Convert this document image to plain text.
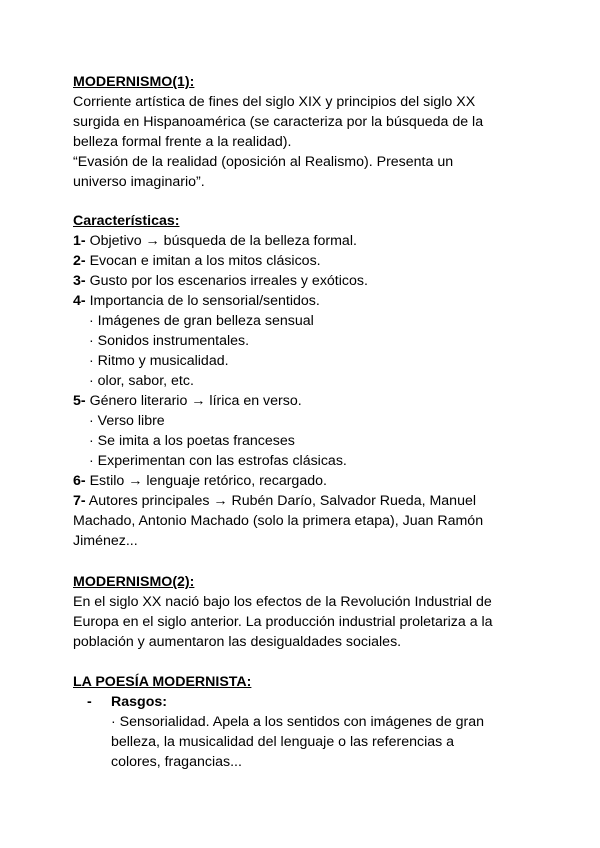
MODERNISMO(1):
Corriente artística de fines del siglo XIX y principios del siglo XX
surgida en Hispanoamérica (se caracteriza por la búsqueda de la
belleza formal frente a la realidad).
“Evasión de la realidad (oposición al Realismo). Presenta un
universo imaginario”.
Características:
1- Objetivo → búsqueda de la belleza formal.
2- Evocan e imitan a los mitos clásicos.
3- Gusto por los escenarios irreales y exóticos.
4- Importancia de lo sensorial/sentidos.
· Imágenes de gran belleza sensual
· Sonidos instrumentales.
· Ritmo y musicalidad.
· olor, sabor, etc.
5- Género literario → lírica en verso.
· Verso libre
· Se imita a los poetas franceses
· Experimentan con las estrofas clásicas.
6- Estilo → lenguaje retórico, recargado.
7- Autores principales → Rubén Darío, Salvador Rueda, Manuel
Machado, Antonio Machado (solo la primera etapa), Juan Ramón
Jiménez...
MODERNISMO(2):
En el siglo XX nació bajo los efectos de la Revolución Industrial de
Europa en el siglo anterior. La producción industrial proletariza a la
población y aumentaron las desigualdades sociales.
LA POESÍA MODERNISTA:
- Rasgos:
· Sensorialidad. Apela a los sentidos con imágenes de gran
belleza, la musicalidad del lenguaje o las referencias a
colores, fragancias...
